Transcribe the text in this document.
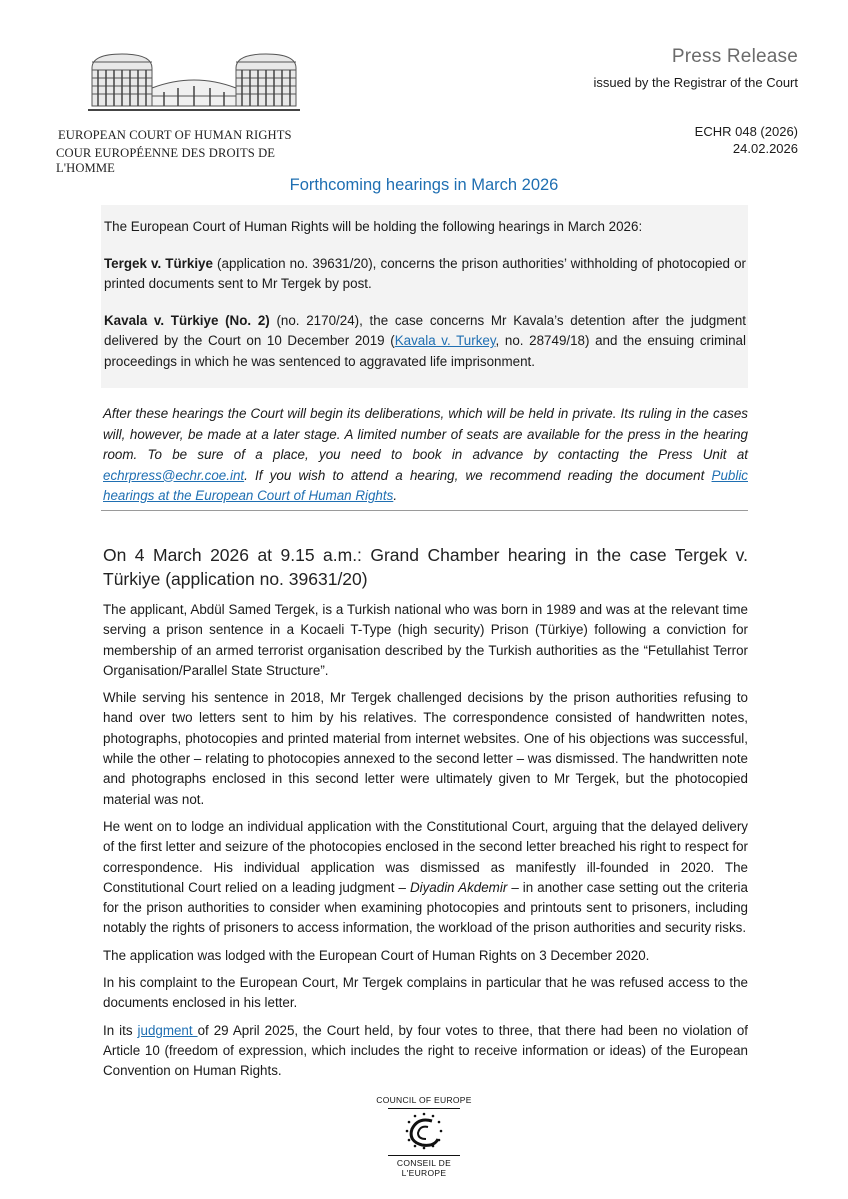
EUROPEAN COURT OF HUMAN RIGHTS
COUR EUROPÉENNE DES DROITS DE L'HOMME
Press Release
issued by the Registrar of the Court
ECHR 048 (2026)
24.02.2026
Forthcoming hearings in March 2026

The European Court of Human Rights will be holding the following hearings in March 2026:

Tergek v. Türkiye (application no. 39631/20), concerns the prison authorities’ withholding of photocopied or printed documents sent to Mr Tergek by post.

Kavala v. Türkiye (No. 2) (no. 2170/24), the case concerns Mr Kavala’s detention after the judgment delivered by the Court on 10 December 2019 (Kavala v. Turkey, no. 28749/18) and the ensuing criminal proceedings in which he was sentenced to aggravated life imprisonment.

After these hearings the Court will begin its deliberations, which will be held in private. Its ruling in the cases will, however, be made at a later stage. A limited number of seats are available for the press in the hearing room. To be sure of a place, you need to book in advance by contacting the Press Unit at echrpress@echr.coe.int. If you wish to attend a hearing, we recommend reading the document Public hearings at the European Court of Human Rights.
On 4 March 2026 at 9.15 a.m.: Grand Chamber hearing in the case Tergek v. Türkiye (application no. 39631/20)

The applicant, Abdül Samed Tergek, is a Turkish national who was born in 1989 and was at the relevant time serving a prison sentence in a Kocaeli T-Type (high security) Prison (Türkiye) following a conviction for membership of an armed terrorist organisation described by the Turkish authorities as the “Fetullahist Terror Organisation/Parallel State Structure”.

While serving his sentence in 2018, Mr Tergek challenged decisions by the prison authorities refusing to hand over two letters sent to him by his relatives. The correspondence consisted of handwritten notes, photographs, photocopies and printed material from internet websites. One of his objections was successful, while the other – relating to photocopies annexed to the second letter – was dismissed. The handwritten note and photographs enclosed in this second letter were ultimately given to Mr Tergek, but the photocopied material was not.

He went on to lodge an individual application with the Constitutional Court, arguing that the delayed delivery of the first letter and seizure of the photocopies enclosed in the second letter breached his right to respect for correspondence. His individual application was dismissed as manifestly ill-founded in 2020. The Constitutional Court relied on a leading judgment – Diyadin Akdemir – in another case setting out the criteria for the prison authorities to consider when examining photocopies and printouts sent to prisoners, including notably the rights of prisoners to access information, the workload of the prison authorities and security risks.

The application was lodged with the European Court of Human Rights on 3 December 2020.

In his complaint to the European Court, Mr Tergek complains in particular that he was refused access to the documents enclosed in his letter.

In its judgment of 29 April 2025, the Court held, by four votes to three, that there had been no violation of Article 10 (freedom of expression, which includes the right to receive information or ideas) of the European Convention on Human Rights.

COUNCIL OF EUROPE
CONSEIL DE L'EUROPE
